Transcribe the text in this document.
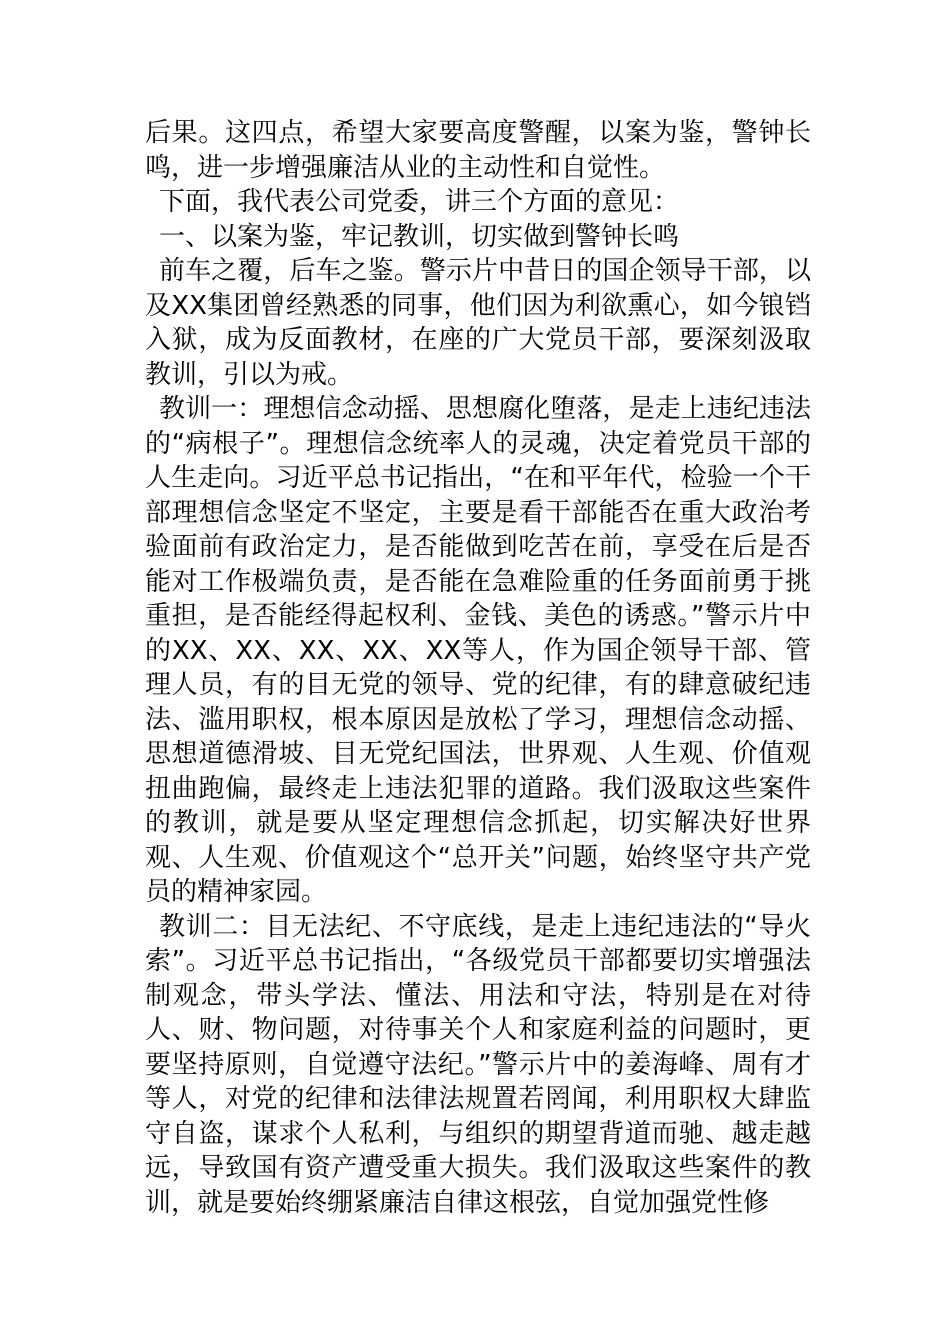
后果。这四点，希望大家要高度警醒，以案为鉴，警钟长鸣，进一步增强廉洁从业的主动性和自觉性。

下面，我代表公司党委，讲三个方面的意见：

一、以案为鉴，牢记教训，切实做到警钟长鸣

前车之覆，后车之鉴。警示片中昔日的国企领导干部，以及XX集团曾经熟悉的同事，他们因为利欲熏心，如今锒铛入狱，成为反面教材，在座的广大党员干部，要深刻汲取教训，引以为戒。

教训一：理想信念动摇、思想腐化堕落，是走上违纪违法的“病根子”。理想信念统率人的灵魂，决定着党员干部的人生走向。习近平总书记指出，“在和平年代，检验一个干部理想信念坚定不坚定，主要是看干部能否在重大政治考验面前有政治定力，是否能做到吃苦在前，享受在后是否能对工作极端负责，是否能在急难险重的任务面前勇于挑重担，是否能经得起权利、金钱、美色的诱惑。”警示片中的XX、XX、XX、XX、XX等人，作为国企领导干部、管理人员，有的目无党的领导、党的纪律，有的肆意破纪违法、滥用职权，根本原因是放松了学习，理想信念动摇、思想道德滑坡、目无党纪国法，世界观、人生观、价值观扭曲跑偏，最终走上违法犯罪的道路。我们汲取这些案件的教训，就是要从坚定理想信念抓起，切实解决好世界观、人生观、价值观这个“总开关”问题，始终坚守共产党员的精神家园。

教训二：目无法纪、不守底线，是走上违纪违法的“导火索”。习近平总书记指出，“各级党员干部都要切实增强法制观念，带头学法、懂法、用法和守法，特别是在对待人、财、物问题，对待事关个人和家庭利益的问题时，更要坚持原则，自觉遵守法纪。”警示片中的姜海峰、周有才等人，对党的纪律和法律法规置若罔闻，利用职权大肆监守自盗，谋求个人私利，与组织的期望背道而驰、越走越远，导致国有资产遭受重大损失。我们汲取这些案件的教训，就是要始终绷紧廉洁自律这根弦，自觉加强党性修
